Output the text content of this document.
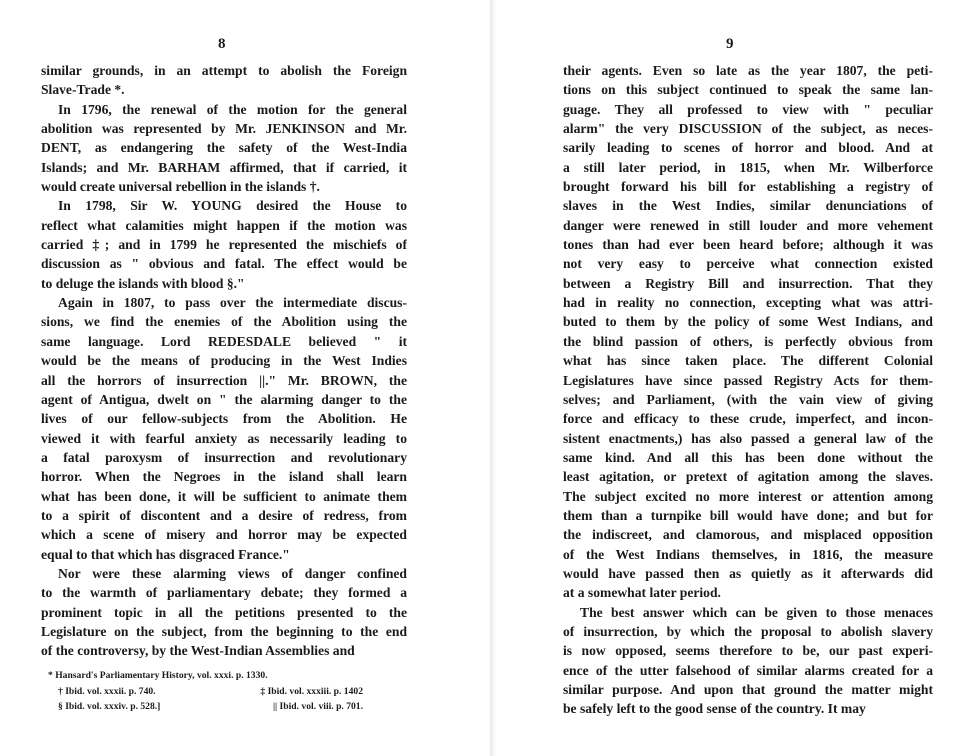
8
similar grounds, in an attempt to abolish the Foreign
Slave-Trade *.
In 1796, the renewal of the motion for the general
abolition was represented by Mr. JENKINSON and Mr.
DENT, as endangering the safety of the West-India
Islands; and Mr. BARHAM affirmed, that if carried, it
would create universal rebellion in the islands †.
In 1798, Sir W. YOUNG desired the House to
reflect what calamities might happen if the motion was
carried ‡; and in 1799 he represented the mischiefs of
discussion as " obvious and fatal. The effect would be
to deluge the islands with blood §."
Again in 1807, to pass over the intermediate discus-
sions, we find the enemies of the Abolition using the
same language. Lord REDESDALE believed " it
would be the means of producing in the West Indies
all the horrors of insurrection ||." Mr. BROWN, the
agent of Antigua, dwelt on " the alarming danger to the
lives of our fellow-subjects from the Abolition. He
viewed it with fearful anxiety as necessarily leading to
a fatal paroxysm of insurrection and revolutionary
horror. When the Negroes in the island shall learn
what has been done, it will be sufficient to animate them
to a spirit of discontent and a desire of redress, from
which a scene of misery and horror may be expected
equal to that which has disgraced France."
Nor were these alarming views of danger confined
to the warmth of parliamentary debate; they formed a
prominent topic in all the petitions presented to the
Legislature on the subject, from the beginning to the end
of the controversy, by the West-Indian Assemblies and
* Hansard's Parliamentary History, vol. xxxi. p. 1330.
† Ibid. vol. xxxii. p. 740.	‡ Ibid. vol. xxxiii. p. 1402
§ Ibid. vol. xxxiv. p. 528.]	|| Ibid. vol. viii. p. 701.
9
their agents. Even so late as the year 1807, the peti-
tions on this subject continued to speak the same lan-
guage. They all professed to view with " peculiar
alarm" the very DISCUSSION of the subject, as neces-
sarily leading to scenes of horror and blood. And at
a still later period, in 1815, when Mr. Wilberforce
brought forward his bill for establishing a registry of
slaves in the West Indies, similar denunciations of
danger were renewed in still louder and more vehement
tones than had ever been heard before; although it was
not very easy to perceive what connection existed
between a Registry Bill and insurrection. That they
had in reality no connection, excepting what was attri-
buted to them by the policy of some West Indians, and
the blind passion of others, is perfectly obvious from
what has since taken place. The different Colonial
Legislatures have since passed Registry Acts for them-
selves; and Parliament, (with the vain view of giving
force and efficacy to these crude, imperfect, and incon-
sistent enactments,) has also passed a general law of the
same kind. And all this has been done without the
least agitation, or pretext of agitation among the slaves.
The subject excited no more interest or attention among
them than a turnpike bill would have done; and but for
the indiscreet, and clamorous, and misplaced opposition
of the West Indians themselves, in 1816, the measure
would have passed then as quietly as it afterwards did
at a somewhat later period.
The best answer which can be given to those menaces
of insurrection, by which the proposal to abolish slavery
is now opposed, seems therefore to be, our past experi-
ence of the utter falsehood of similar alarms created for a
similar purpose. And upon that ground the matter might
be safely left to the good sense of the country. It may
